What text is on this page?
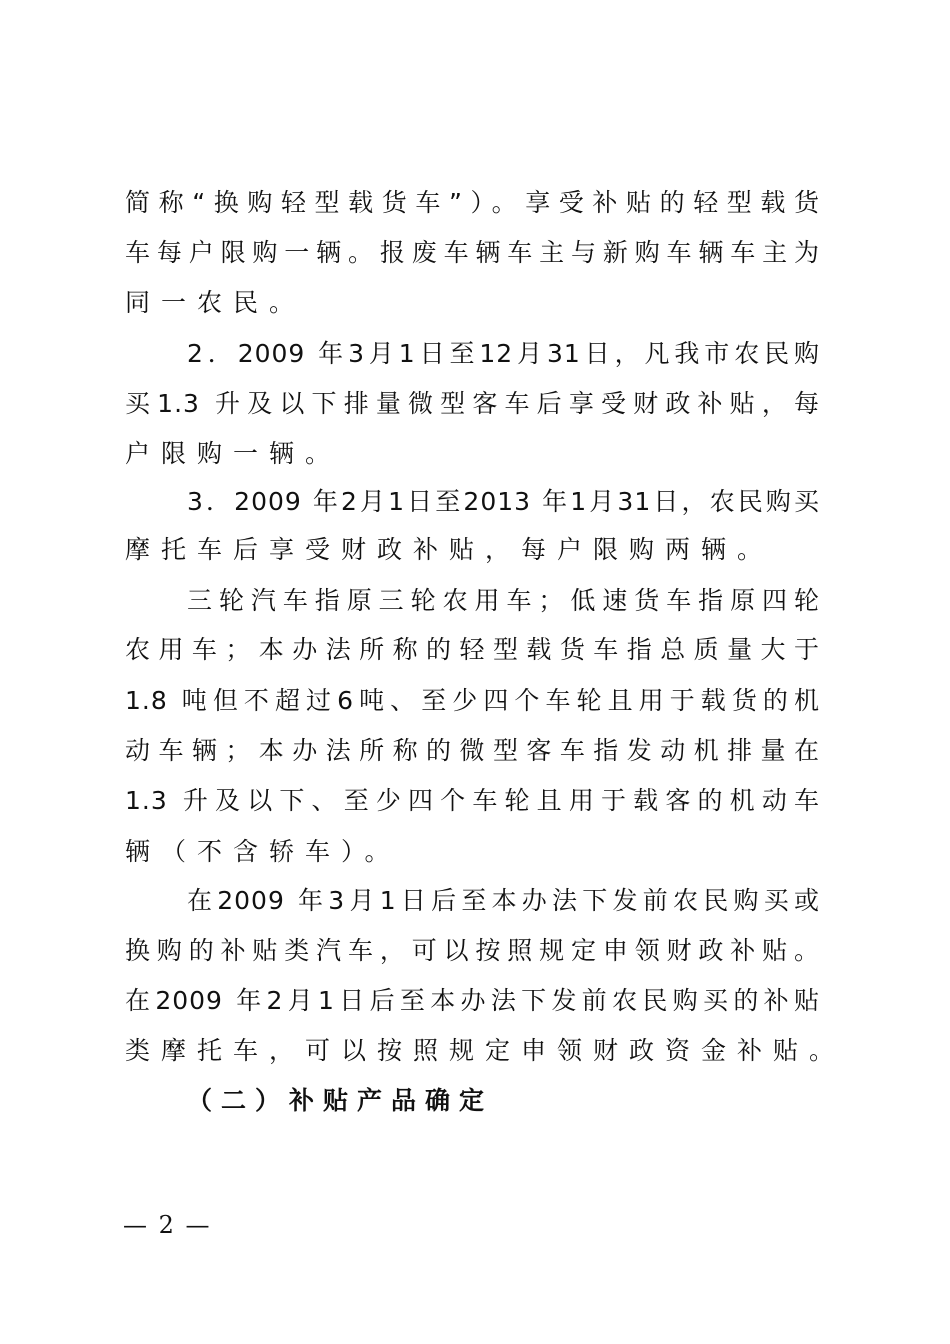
简称“换购轻型载货车”）。享受补贴的轻型载货
车每户限购一辆。报废车辆车主与新购车辆车主为
同一农民。
2．2009 年3月1日至12月31日，凡我市农民购
买1.3 升及以下排量微型客车后享受财政补贴，每
户限购一辆。
3．2009 年2月1日至2013 年1月31日，农民购买
摩托车后享受财政补贴，每户限购两辆。
三轮汽车指原三轮农用车；低速货车指原四轮
农用车；本办法所称的轻型载货车指总质量大于
1.8 吨但不超过6吨、至少四个车轮且用于载货的机
动车辆；本办法所称的微型客车指发动机排量在
1.3 升及以下、至少四个车轮且用于载客的机动车
辆（不含轿车）。
在2009 年3月1日后至本办法下发前农民购买或
换购的补贴类汽车，可以按照规定申领财政补贴。
在2009 年2月1日后至本办法下发前农民购买的补贴
类摩托车，可以按照规定申领财政资金补贴。
（二）补贴产品确定
— 2 —
